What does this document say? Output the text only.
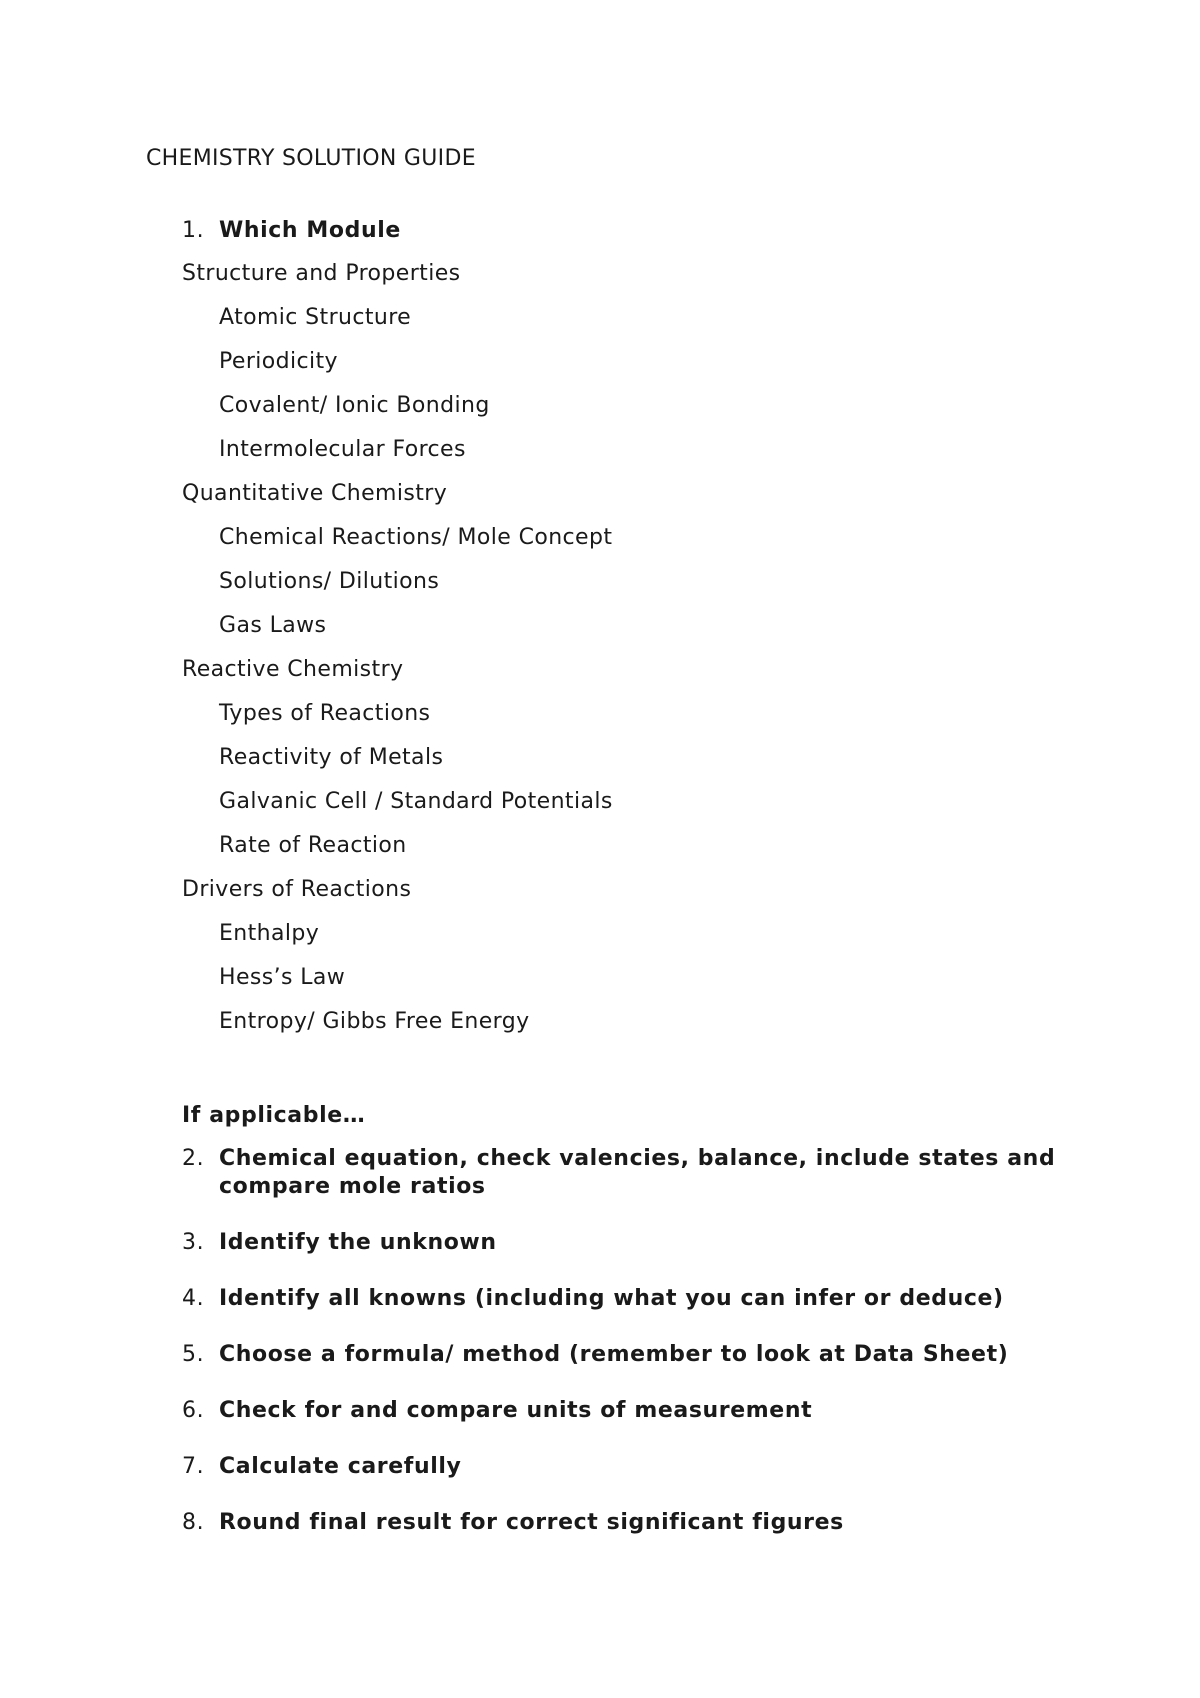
CHEMISTRY SOLUTION GUIDE
1. Which Module
Structure and Properties
Atomic Structure
Periodicity
Covalent/ Ionic Bonding
Intermolecular Forces
Quantitative Chemistry
Chemical Reactions/ Mole Concept
Solutions/ Dilutions
Gas Laws
Reactive Chemistry
Types of Reactions
Reactivity of Metals
Galvanic Cell / Standard Potentials
Rate of Reaction
Drivers of Reactions
Enthalpy
Hess’s Law
Entropy/ Gibbs Free Energy
If applicable…
2. Chemical equation, check valencies, balance, include states and compare mole ratios
3. Identify the unknown
4. Identify all knowns (including what you can infer or deduce)
5. Choose a formula/ method (remember to look at Data Sheet)
6. Check for and compare units of measurement
7. Calculate carefully
8. Round final result for correct significant figures
